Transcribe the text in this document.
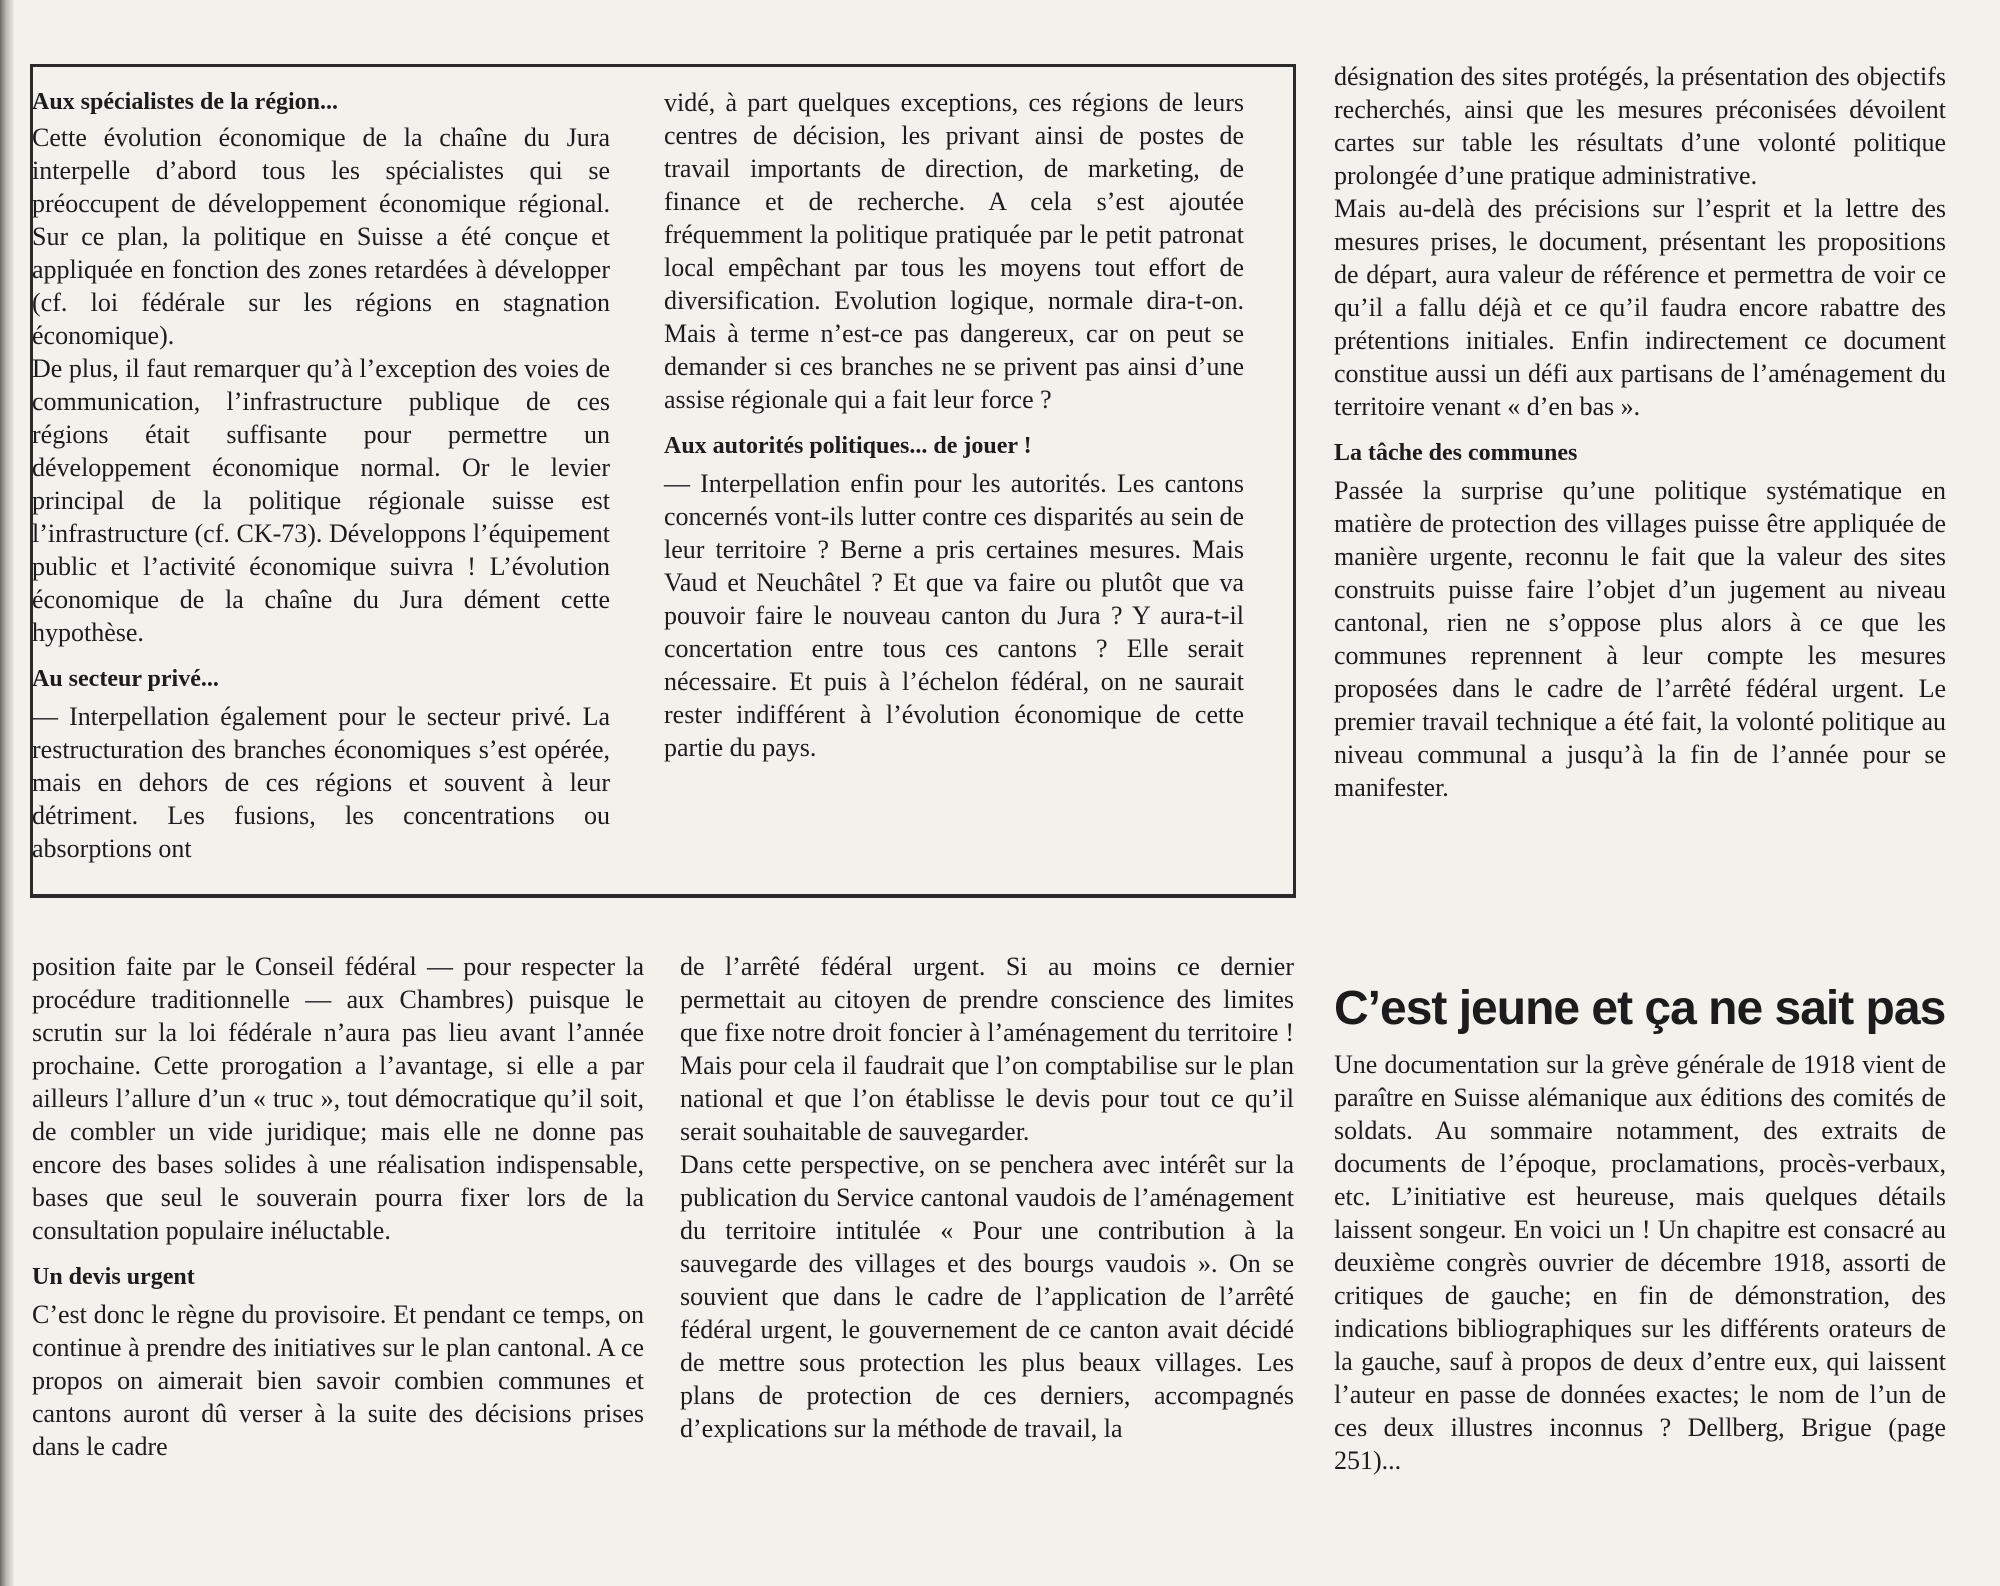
Aux spécialistes de la région...

Cette évolution économique de la chaîne du Jura interpelle d’abord tous les spécialistes qui se préoccupent de développement économique régional. Sur ce plan, la politique en Suisse a été conçue et appliquée en fonction des zones retardées à développer (cf. loi fédérale sur les régions en stagnation économique).

De plus, il faut remarquer qu’à l’exception des voies de communication, l’infrastructure publique de ces régions était suffisante pour permettre un développement économique normal. Or le levier principal de la politique régionale suisse est l’infrastructure (cf. CK-73). Développons l’équipement public et l’activité économique suivra ! L’évolution économique de la chaîne du Jura dément cette hypothèse.

Au secteur privé...

— Interpellation également pour le secteur privé. La restructuration des branches économiques s’est opérée, mais en dehors de ces régions et souvent à leur détriment. Les fusions, les concentrations ou absorptions ont

vidé, à part quelques exceptions, ces régions de leurs centres de décision, les privant ainsi de postes de travail importants de direction, de marketing, de finance et de recherche. A cela s’est ajoutée fréquemment la politique pratiquée par le petit patronat local empêchant par tous les moyens tout effort de diversification. Evolution logique, normale dira-t-on. Mais à terme n’est-ce pas dangereux, car on peut se demander si ces branches ne se privent pas ainsi d’une assise régionale qui a fait leur force ?

Aux autorités politiques... de jouer !

— Interpellation enfin pour les autorités. Les cantons concernés vont-ils lutter contre ces disparités au sein de leur territoire ? Berne a pris certaines mesures. Mais Vaud et Neuchâtel ? Et que va faire ou plutôt que va pouvoir faire le nouveau canton du Jura ? Y aura-t-il concertation entre tous ces cantons ? Elle serait nécessaire. Et puis à l’échelon fédéral, on ne saurait rester indifférent à l’évolution économique de cette partie du pays.

position faite par le Conseil fédéral — pour respecter la procédure traditionnelle — aux Chambres) puisque le scrutin sur la loi fédérale n’aura pas lieu avant l’année prochaine. Cette prorogation a l’avantage, si elle a par ailleurs l’allure d’un « truc », tout démocratique qu’il soit, de combler un vide juridique; mais elle ne donne pas encore des bases solides à une réalisation indispensable, bases que seul le souverain pourra fixer lors de la consultation populaire inéluctable.

Un devis urgent

C’est donc le règne du provisoire. Et pendant ce temps, on continue à prendre des initiatives sur le plan cantonal. A ce propos on aimerait bien savoir combien communes et cantons auront dû verser à la suite des décisions prises dans le cadre

de l’arrêté fédéral urgent. Si au moins ce dernier permettait au citoyen de prendre conscience des limites que fixe notre droit foncier à l’aménagement du territoire ! Mais pour cela il faudrait que l’on comptabilise sur le plan national et que l’on établisse le devis pour tout ce qu’il serait souhaitable de sauvegarder.

Dans cette perspective, on se penchera avec intérêt sur la publication du Service cantonal vaudois de l’aménagement du territoire intitulée « Pour une contribution à la sauvegarde des villages et des bourgs vaudois ». On se souvient que dans le cadre de l’application de l’arrêté fédéral urgent, le gouvernement de ce canton avait décidé de mettre sous protection les plus beaux villages. Les plans de protection de ces derniers, accompagnés d’explications sur la méthode de travail, la

désignation des sites protégés, la présentation des objectifs recherchés, ainsi que les mesures préconisées dévoilent cartes sur table les résultats d’une volonté politique prolongée d’une pratique administrative.

Mais au-delà des précisions sur l’esprit et la lettre des mesures prises, le document, présentant les propositions de départ, aura valeur de référence et permettra de voir ce qu’il a fallu déjà et ce qu’il faudra encore rabattre des prétentions initiales. Enfin indirectement ce document constitue aussi un défi aux partisans de l’aménagement du territoire venant « d’en bas ».

La tâche des communes

Passée la surprise qu’une politique systématique en matière de protection des villages puisse être appliquée de manière urgente, reconnu le fait que la valeur des sites construits puisse faire l’objet d’un jugement au niveau cantonal, rien ne s’oppose plus alors à ce que les communes reprennent à leur compte les mesures proposées dans le cadre de l’arrêté fédéral urgent. Le premier travail technique a été fait, la volonté politique au niveau communal a jusqu’à la fin de l’année pour se manifester.

C’est jeune et ça ne sait pas

Une documentation sur la grève générale de 1918 vient de paraître en Suisse alémanique aux éditions des comités de soldats. Au sommaire notamment, des extraits de documents de l’époque, proclamations, procès-verbaux, etc. L’initiative est heureuse, mais quelques détails laissent songeur. En voici un ! Un chapitre est consacré au deuxième congrès ouvrier de décembre 1918, assorti de critiques de gauche; en fin de démonstration, des indications bibliographiques sur les différents orateurs de la gauche, sauf à propos de deux d’entre eux, qui laissent l’auteur en passe de données exactes; le nom de l’un de ces deux illustres inconnus ? Dellberg, Brigue (page 251)...
